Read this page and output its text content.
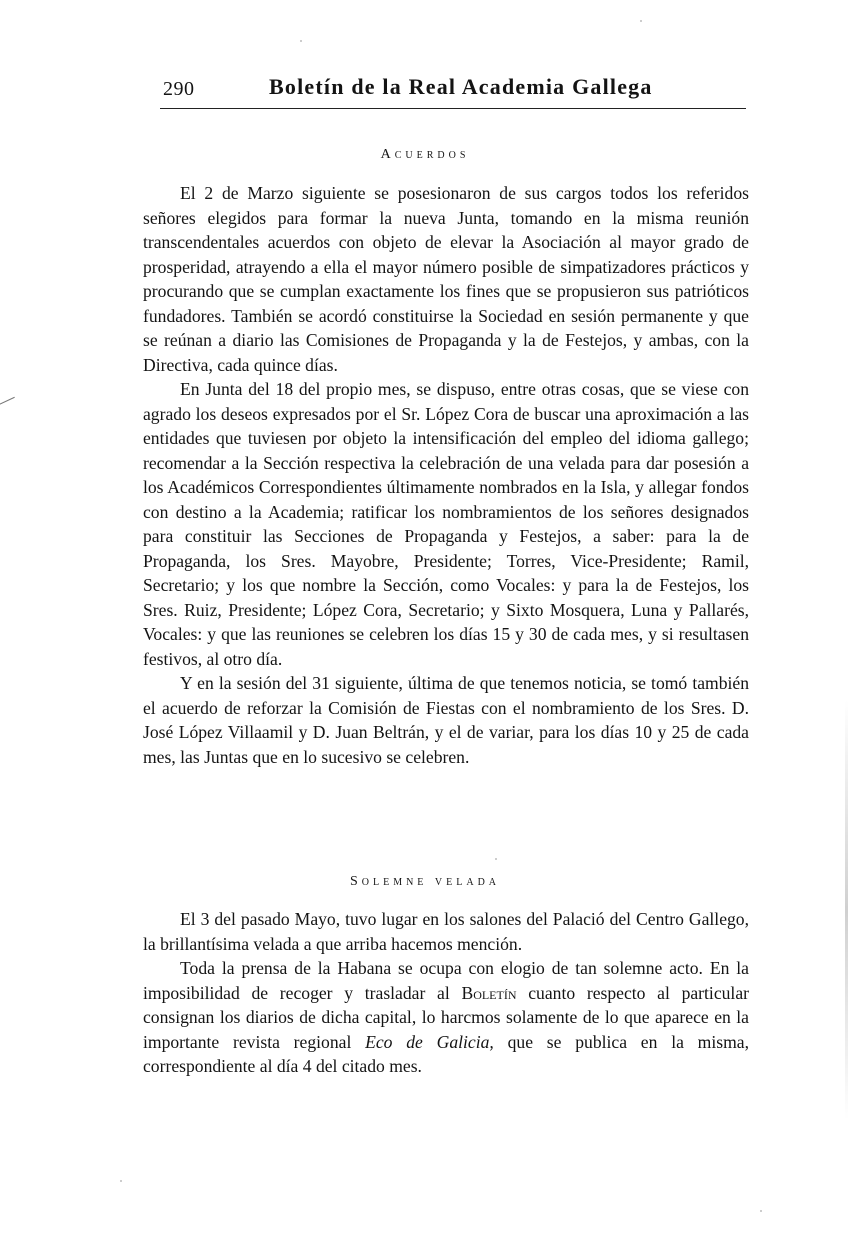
290	Boletín de la Real Academia Gallega
Acuerdos

El 2 de Marzo siguiente se posesionaron de sus cargos todos los referidos señores elegidos para formar la nueva Junta, tomando en la misma reunión transcendentales acuerdos con objeto de elevar la Asociación al mayor grado de prosperidad, atrayendo a ella el mayor número posible de simpatizadores prácticos y procurando que se cumplan exactamente los fines que se propusieron sus patrióticos fundadores. También se acordó constituirse la Sociedad en sesión permanente y que se reúnan a diario las Comisiones de Propaganda y la de Festejos, y ambas, con la Directiva, cada quince días.

En Junta del 18 del propio mes, se dispuso, entre otras cosas, que se viese con agrado los deseos expresados por el Sr. López Cora de buscar una aproximación a las entidades que tuviesen por objeto la intensificación del empleo del idioma gallego; recomendar a la Sección respectiva la celebración de una velada para dar posesión a los Académicos Correspondientes últimamente nombrados en la Isla, y allegar fondos con destino a la Academia; ratificar los nombramientos de los señores designados para constituir las Secciones de Propaganda y Festejos, a saber: para la de Propaganda, los Sres. Mayobre, Presidente; Torres, Vice-Presidente; Ramil, Secretario; y los que nombre la Sección, como Vocales: y para la de Festejos, los Sres. Ruiz, Presidente; López Cora, Secretario; y Sixto Mosquera, Luna y Pallarés, Vocales: y que las reuniones se celebren los días 15 y 30 de cada mes, y si resultasen festivos, al otro día.

Y en la sesión del 31 siguiente, última de que tenemos noticia, se tomó también el acuerdo de reforzar la Comisión de Fiestas con el nombramiento de los Sres. D. José López Villaamil y D. Juan Beltrán, y el de variar, para los días 10 y 25 de cada mes, las Juntas que en lo sucesivo se celebren.

Solemne velada

El 3 del pasado Mayo, tuvo lugar en los salones del Palació del Centro Gallego, la brillantísima velada a que arriba hacemos mención.

Toda la prensa de la Habana se ocupa con elogio de tan solemne acto. En la imposibilidad de recoger y trasladar al Boletín cuanto respecto al particular consignan los diarios de dicha capital, lo harcmos solamente de lo que aparece en la importante revista regional Eco de Galicia, que se publica en la misma, correspondiente al día 4 del citado mes.
